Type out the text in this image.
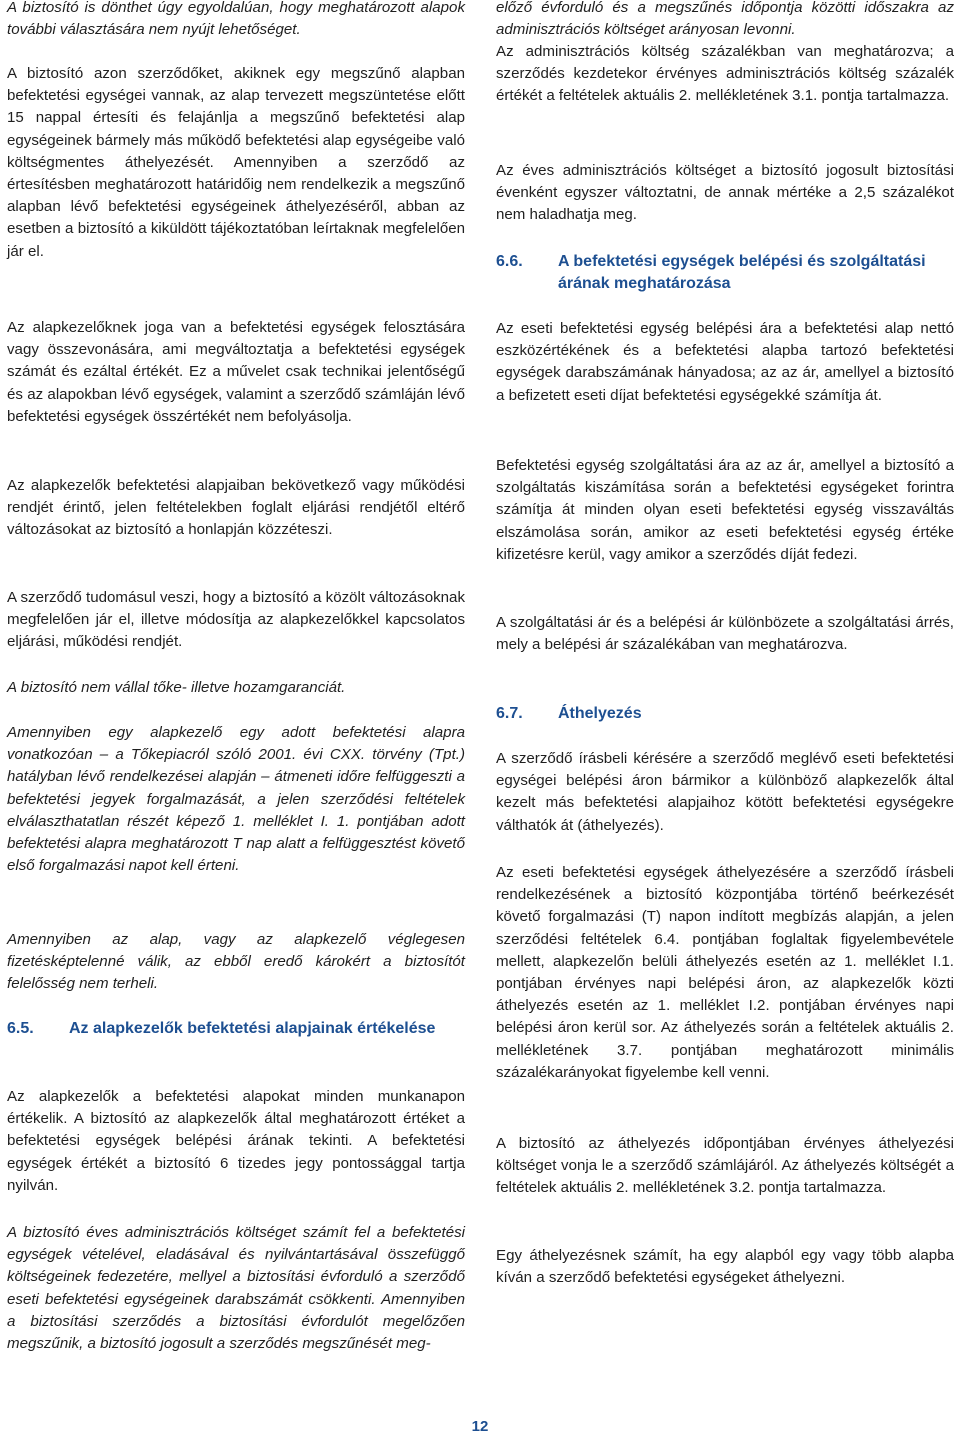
A biztosító is dönthet úgy egyoldalúan, hogy meghatározott alapok további választására nem nyújt lehetőséget.

A biztosító azon szerződőket, akiknek egy megszűnő alapban befektetési egységei vannak, az alap tervezett megszüntetése előtt 15 nappal értesíti és felajánlja a megszűnő befektetési alap egységeinek bármely más működő befektetési alap egységeibe való költségmentes áthelyezését. Amennyiben a szerződő az értesítésben meghatározott határidőig nem rendelkezik a megszűnő alapban lévő befektetési egységeinek áthelyezéséről, abban az esetben a biztosító a kiküldött tájékoztatóban leírtaknak megfelelően jár el.

Az alapkezelőknek joga van a befektetési egységek felosztására vagy összevonására, ami megváltoztatja a befektetési egységek számát és ezáltal értékét. Ez a művelet csak technikai jelentőségű és az alapokban lévő egységek, valamint a szerződő számláján lévő befektetési egységek összértékét nem befolyásolja.

Az alapkezelők befektetési alapjaiban bekövetkező vagy működési rendjét érintő, jelen feltételekben foglalt eljárási rendjétől eltérő változásokat az biztosító a honlapján közzéteszi.

A szerződő tudomásul veszi, hogy a biztosító a közölt változásoknak megfelelően jár el, illetve módosítja az alapkezelőkkel kapcsolatos eljárási, működési rendjét.

A biztosító nem vállal tőke- illetve hozamgaranciát.

Amennyiben egy alapkezelő egy adott befektetési alapra vonatkozóan – a Tőkepiacról szóló 2001. évi CXX. törvény (Tpt.) hatályban lévő rendelkezései alapján – átmeneti időre felfüggeszti a befektetési jegyek forgalmazását, a jelen szerződési feltételek elválaszthatatlan részét képező 1. melléklet I. 1. pontjában adott befektetési alapra meghatározott T nap alatt a felfüggesztést követő első forgalmazási napot kell érteni.

Amennyiben az alap, vagy az alapkezelő véglegesen fizetésképtelenné válik, az ebből eredő károkért a biztosítót felelősség nem terheli.

6.5.	Az alapkezelők befektetési alapjainak értékelése

Az alapkezelők a befektetési alapokat minden munkanapon értékelik. A biztosító az alapkezelők által meghatározott értéket a befektetési egységek belépési árának tekinti. A befektetési egységek értékét a biztosító 6 tizedes jegy pontossággal tartja nyilván.

A biztosító éves adminisztrációs költséget számít fel a befektetési egységek vételével, eladásával és nyilvántartásával összefüggő költségeinek fedezetére, mellyel a biztosítási évforduló a szerződő eseti befektetési egységeinek darabszámát csökkenti. Amennyiben a biztosítási szerződés a biztosítási évfordulót megelőzően megszűnik, a biztosító jogosult a szerződés megszűnését meg-

előző évforduló és a megszűnés időpontja közötti időszakra az adminisztrációs költséget arányosan levonni.

Az adminisztrációs költség százalékban van meghatározva; a szerződés kezdetekor érvényes adminisztrációs költség százalék értékét a feltételek aktuális 2. mellékletének 3.1. pontja tartalmazza.

Az éves adminisztrációs költséget a biztosító jogosult biztosítási évenként egyszer változtatni, de annak mértéke a 2,5 százalékot nem haladhatja meg.

6.6.	A befektetési egységek belépési és szolgáltatási árának meghatározása

Az eseti befektetési egység belépési ára a befektetési alap nettó eszközértékének és a befektetési alapba tartozó befektetési egységek darabszámának hányadosa; az az ár, amellyel a biztosító a befizetett eseti díjat befektetési egységekké számítja át.

Befektetési egység szolgáltatási ára az az ár, amellyel a biztosító a szolgáltatás kiszámítása során a befektetési egységeket forintra számítja át minden olyan eseti befektetési egység visszaváltás elszámolása során, amikor az eseti befektetési egység értéke kifizetésre kerül, vagy amikor a szerződés díját fedezi.

A szolgáltatási ár és a belépési ár különbözete a szolgáltatási árrés, mely a belépési ár százalékában van meghatározva.

6.7.	Áthelyezés

A szerződő írásbeli kérésére a szerződő meglévő eseti befektetési egységei belépési áron bármikor a különböző alapkezelők által kezelt más befektetési alapjaihoz kötött befektetési egységekre válthatók át (áthelyezés).

Az eseti befektetési egységek áthelyezésére a szerződő írásbeli rendelkezésének a biztosító központjába történő beérkezését követő forgalmazási (T) napon indított megbízás alapján, a jelen szerződési feltételek 6.4. pontjában foglaltak figyelembevétele mellett, alapkezelőn belüli áthelyezés esetén az 1. melléklet I.1. pontjában érvényes napi belépési áron, az alapkezelők közti áthelyezés esetén az 1. melléklet I.2. pontjában érvényes napi belépési áron kerül sor. Az áthelyezés során a feltételek aktuális 2. mellékletének 3.7. pontjában meghatározott minimális százalékarányokat figyelembe kell venni.

A biztosító az áthelyezés időpontjában érvényes áthelyezési költséget vonja le a szerződő számlájáról. Az áthelyezés költségét a feltételek aktuális 2. mellékletének 3.2. pontja tartalmazza.

Egy áthelyezésnek számít, ha egy alapból egy vagy több alapba kíván a szerződő befektetési egységeket áthelyezni.

12
